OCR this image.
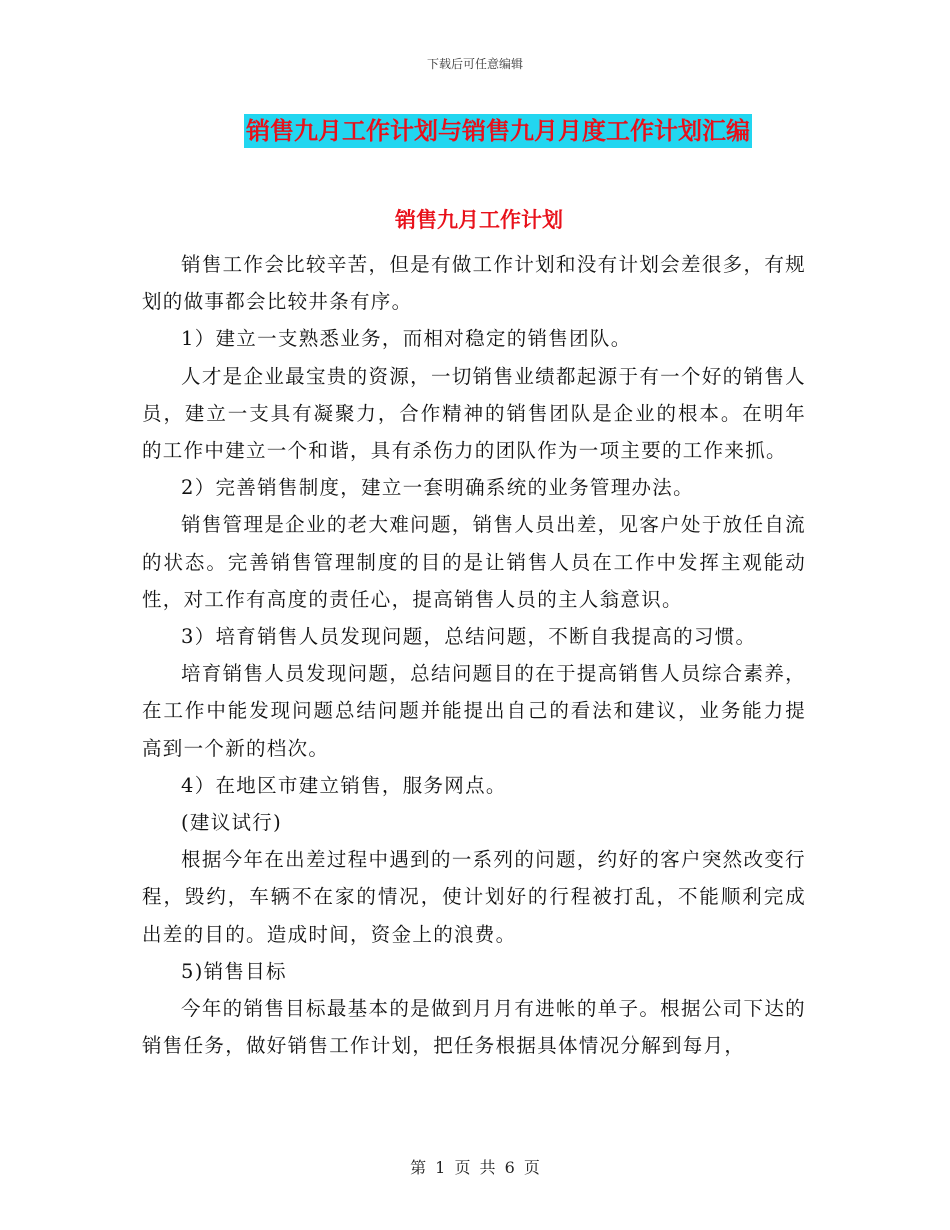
下载后可任意编辑
销售九月工作计划与销售九月月度工作计划汇编
销售九月工作计划

销售工作会比较辛苦，但是有做工作计划和没有计划会差很多，有规划的做事都会比较井条有序。

1）建立一支熟悉业务，而相对稳定的销售团队。

人才是企业最宝贵的资源，一切销售业绩都起源于有一个好的销售人员，建立一支具有凝聚力，合作精神的销售团队是企业的根本。在明年的工作中建立一个和谐，具有杀伤力的团队作为一项主要的工作来抓。

2）完善销售制度，建立一套明确系统的业务管理办法。

销售管理是企业的老大难问题，销售人员出差，见客户处于放任自流的状态。完善销售管理制度的目的是让销售人员在工作中发挥主观能动性，对工作有高度的责任心，提高销售人员的主人翁意识。

3）培育销售人员发现问题，总结问题，不断自我提高的习惯。

培育销售人员发现问题，总结问题目的在于提高销售人员综合素养，在工作中能发现问题总结问题并能提出自己的看法和建议，业务能力提高到一个新的档次。

4）在地区市建立销售，服务网点。

(建议试行)

根据今年在出差过程中遇到的一系列的问题，约好的客户突然改变行程，毁约，车辆不在家的情况，使计划好的行程被打乱，不能顺利完成出差的目的。造成时间，资金上的浪费。

5)销售目标

今年的销售目标最基本的是做到月月有进帐的单子。根据公司下达的销售任务，做好销售工作计划，把任务根据具体情况分解到每月，

第 1 页 共 6 页
